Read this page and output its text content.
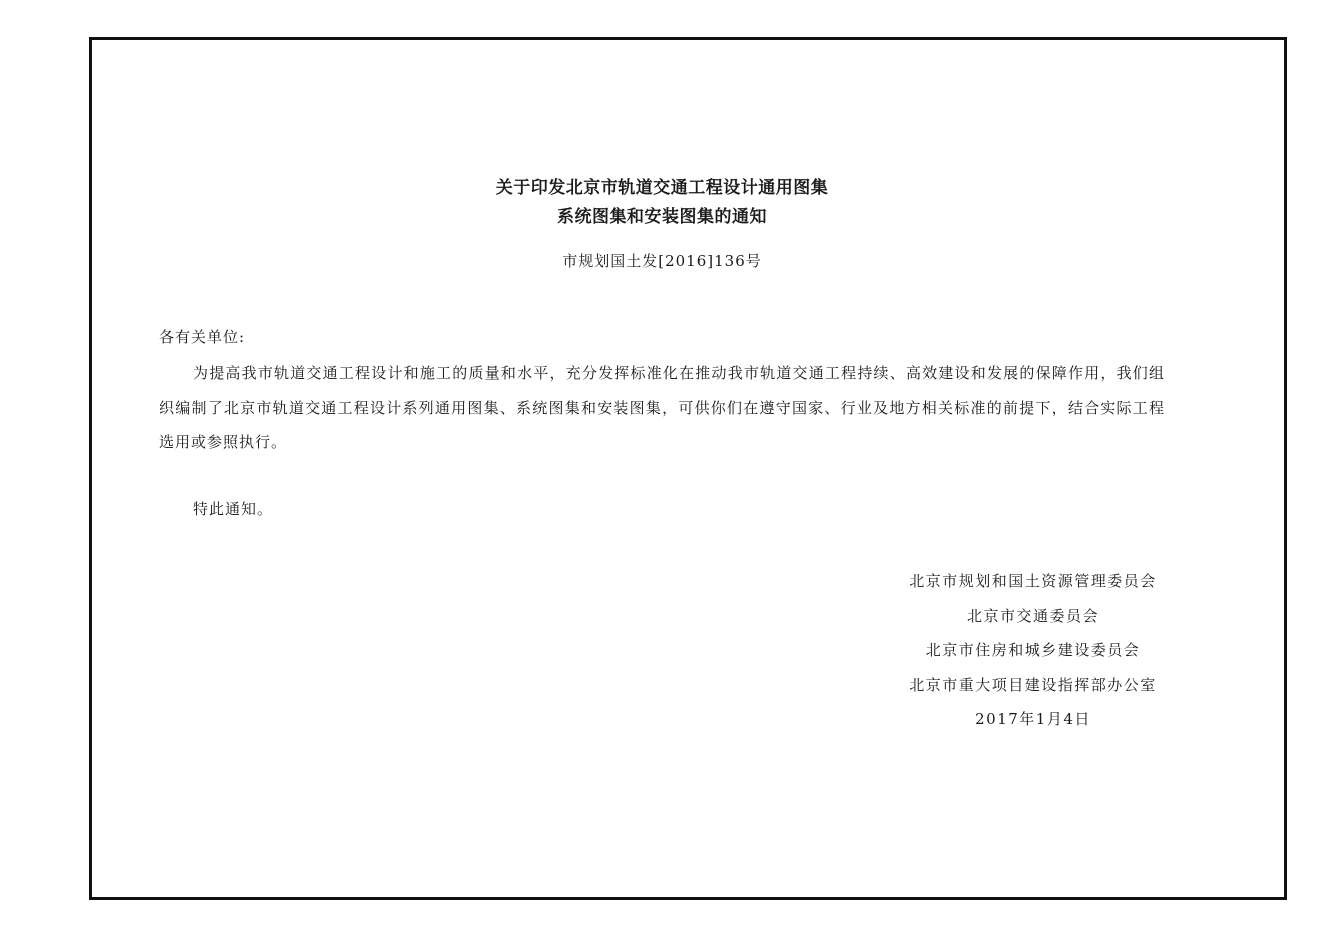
关于印发北京市轨道交通工程设计通用图集
系统图集和安装图集的通知
市规划国土发[2016]136号
各有关单位:

为提高我市轨道交通工程设计和施工的质量和水平，充分发挥标准化在推动我市轨道交通工程持续、高效建设和发展的保障作用，我们组织编制了北京市轨道交通工程设计系列通用图集、系统图集和安装图集，可供你们在遵守国家、行业及地方相关标准的前提下，结合实际工程选用或参照执行。

特此通知。
北京市规划和国土资源管理委员会
北京市交通委员会
北京市住房和城乡建设委员会
北京市重大项目建设指挥部办公室
2017年1月4日
